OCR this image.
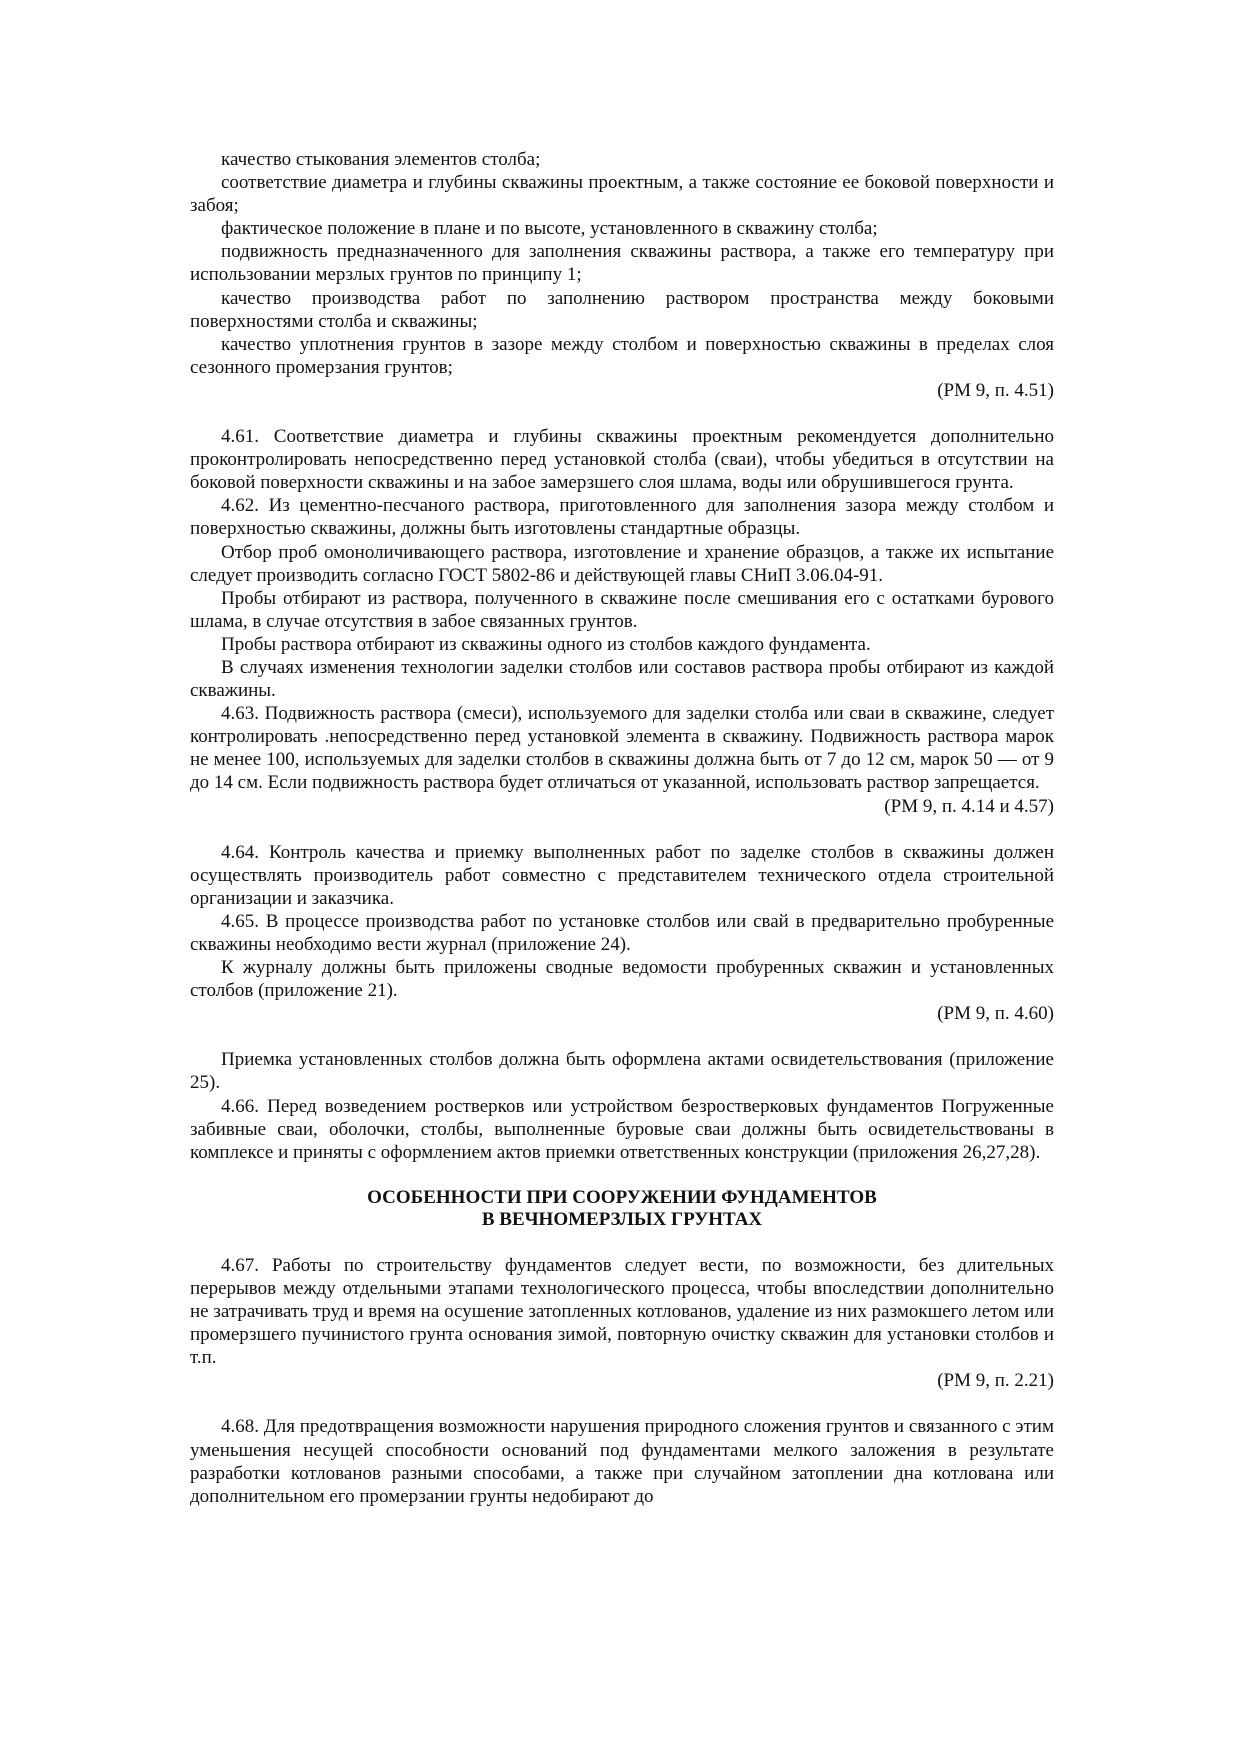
качество стыкования элементов столба;

соответствие диаметра и глубины скважины проектным, а также состояние ее боковой поверхности и забоя;

фактическое положение в плане и по высоте, установленного в скважину столба;

подвижность предназначенного для заполнения скважины раствора, а также его температуру при использовании мерзлых грунтов по принципу 1;

качество производства работ по заполнению раствором пространства между боковыми поверхностями столба и скважины;

качество уплотнения грунтов в зазоре между столбом и поверхностью скважины в пределах слоя сезонного промерзания грунтов;

(РМ 9, п. 4.51)

4.61. Соответствие диаметра и глубины скважины проектным рекомендуется дополнительно проконтролировать непосредственно перед установкой столба (сваи), чтобы убедиться в отсутствии на боковой поверхности скважины и на забое замерзшего слоя шлама, воды или обрушившегося грунта.

4.62. Из цементно-песчаного раствора, приготовленного для заполнения зазора между столбом и поверхностью скважины, должны быть изготовлены стандартные образцы.

Отбор проб омоноличивающего раствора, изготовление и хранение образцов, а также их испытание следует производить согласно ГОСТ 5802-86 и действующей главы СНиП 3.06.04-91.

Пробы отбирают из раствора, полученного в скважине после смешивания его с остатками бурового шлама, в случае отсутствия в забое связанных грунтов.

Пробы раствора отбирают из скважины одного из столбов каждого фундамента.

В случаях изменения технологии заделки столбов или составов раствора пробы отбирают из каждой скважины.

4.63. Подвижность раствора (смеси), используемого для заделки столба или сваи в скважине, следует контролировать .непосредственно перед установкой элемента в скважину. Подвижность раствора марок не менее 100, используемых для заделки столбов в скважины должна быть от 7 до 12 см, марок 50 — от 9 до 14 см. Если подвижность раствора будет отличаться от указанной, использовать раствор запрещается.

(РМ 9, п. 4.14 и 4.57)

4.64. Контроль качества и приемку выполненных работ по заделке столбов в скважины должен осуществлять производитель работ совместно с представителем технического отдела строительной организации и заказчика.

4.65. В процессе производства работ по установке столбов или свай в предварительно пробуренные скважины необходимо вести журнал (приложение 24).

К журналу должны быть приложены сводные ведомости пробуренных скважин и установленных столбов (приложение 21).

(РМ 9, п. 4.60)

Приемка установленных столбов должна быть оформлена актами освидетельствования (приложение 25).

4.66. Перед возведением ростверков или устройством безростверковых фундаментов Погруженные забивные сваи, оболочки, столбы, выполненные буровые сваи должны быть освидетельствованы в комплексе и приняты с оформлением актов приемки ответственных конструкции (приложения 26,27,28).

ОСОБЕННОСТИ ПРИ СООРУЖЕНИИ ФУНДАМЕНТОВ

В ВЕЧНОМЕРЗЛЫХ ГРУНТАХ

4.67. Работы по строительству фундаментов следует вести, по возможности, без длительных перерывов между отдельными этапами технологического процесса, чтобы впоследствии дополнительно не затрачивать труд и время на осушение затопленных котлованов, удаление из них размокшего летом или промерзшего пучинистого грунта основания зимой, повторную очистку скважин для установки столбов и т.п.

(РМ 9, п. 2.21)

4.68. Для предотвращения возможности нарушения природного сложения грунтов и связанного с этим уменьшения несущей способности оснований под фундаментами мелкого заложения в результате разработки котлованов разными способами, а также при случайном затоплении дна котлована или дополнительном его промерзании грунты недобирают до
